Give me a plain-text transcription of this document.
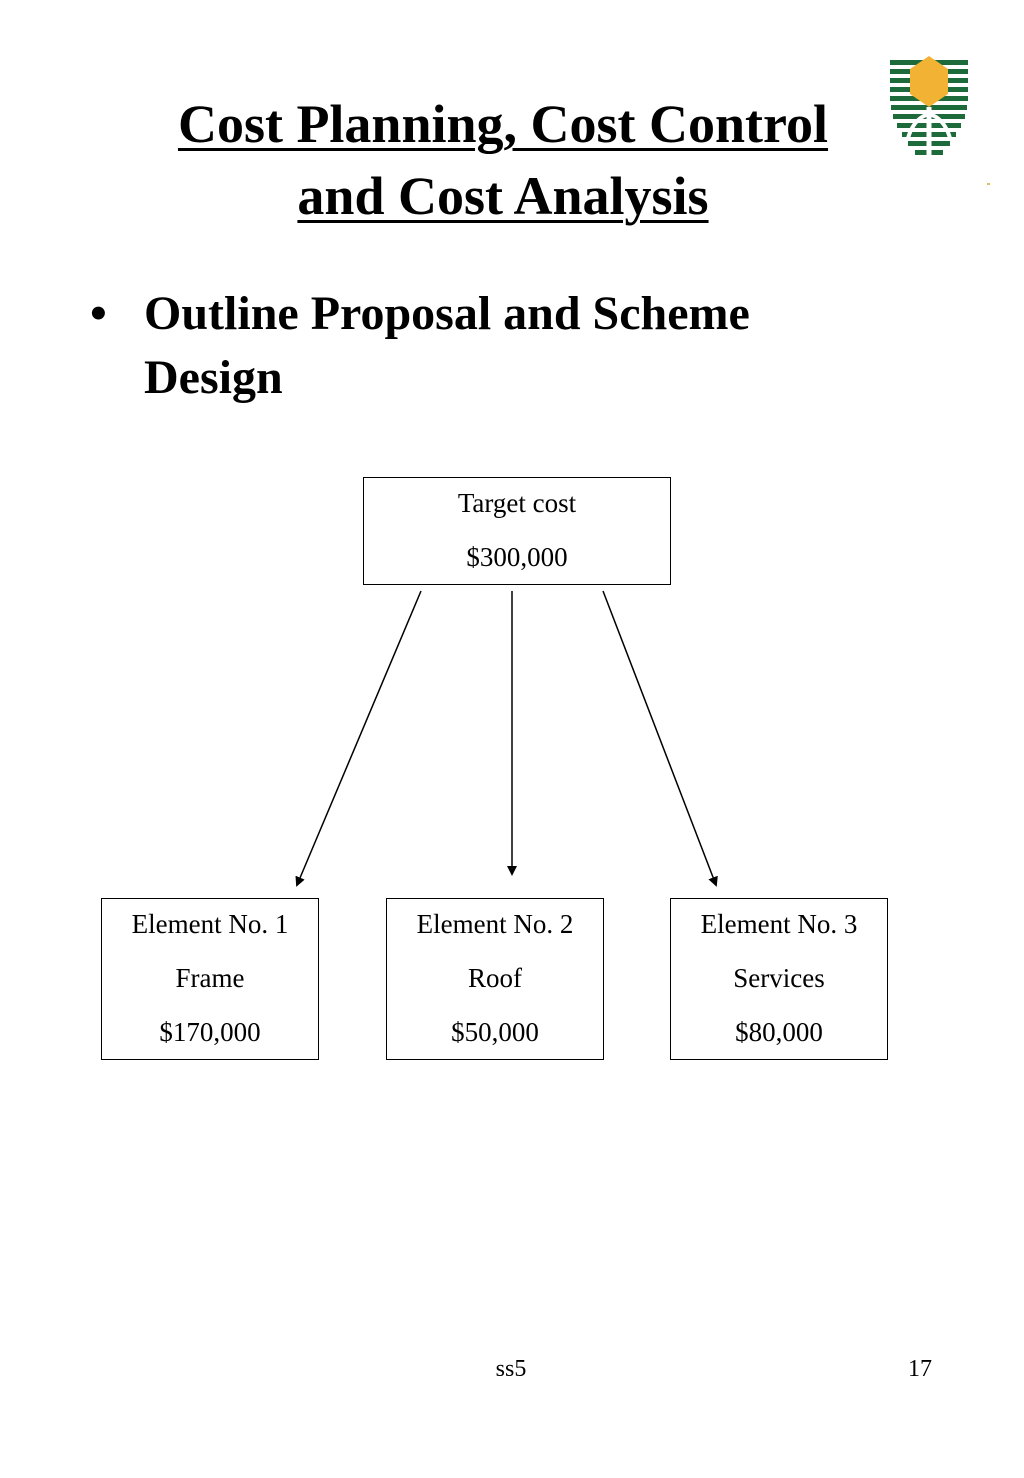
Cost Planning, Cost Control
and Cost Analysis
• Outline Proposal and Scheme
Design
Target cost
$300,000
Element No. 1
Frame
$170,000
Element No. 2
Roof
$50,000
Element No. 3
Services
$80,000
ss5	17
